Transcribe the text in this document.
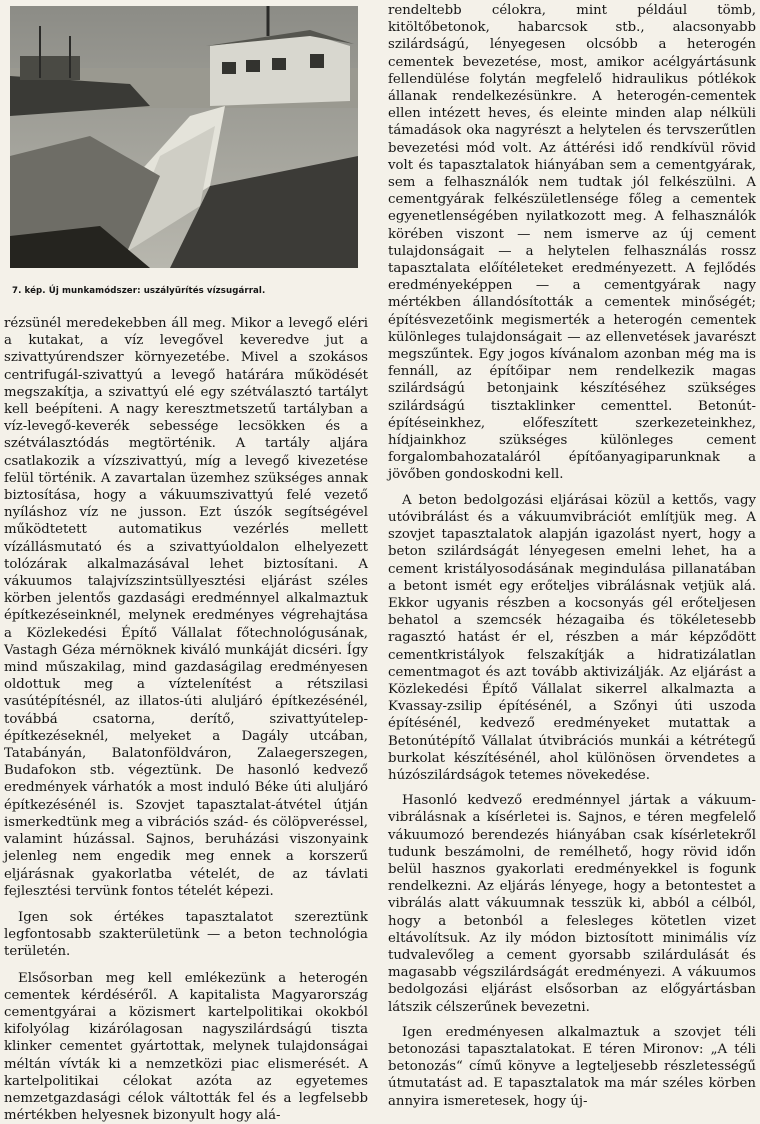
7. kép. Új munkamódszer: uszályürítés vízsugárral.

rézsünél meredekebben áll meg. Mikor a levegő eléri a kutakat, a víz levegővel keveredve jut a szivattyúrendszer környezetébe. Mivel a szokásos centrifugál-szivattyú a levegő határára működését megszakítja, a szivattyú elé egy szétválasztó tartályt kell beépíteni. A nagy keresztmetszetű tartályban a víz-levegő-keverék sebessége lecsökken és a szétválasztódás megtörténik. A tartály aljára csatlakozik a vízszivattyú, míg a levegő kivezetése felül történik. A zavartalan üzemhez szükséges annak biztosítása, hogy a vákuumszivattyú felé vezető nyíláshoz víz ne jusson. Ezt úszók segítségével működtetett automatikus vezérlés mellett vízállásmutató és a szivattyúoldalon elhelyezett tolózárak alkalmazásával lehet biztosítani. A vákuumos talajvízszintsüllyesztési eljárást széles körben jelentős gazdasági eredménnyel alkalmaztuk építkezéseinknél, melynek eredményes végrehajtása a Közlekedési Építő Vállalat főtechnológusának, Vastagh Géza mérnöknek kiváló munkáját dicséri. Így mind műszakilag, mind gazdaságilag eredményesen oldottuk meg a víztelenítést a rétszilasi vasútépítésnél, az illatos-úti aluljáró építkezésénél, továbbá csatorna, derítő, szivattyútelep-építkezéseknél, melyeket a Dagály utcában, Tatabányán, Balatonföldváron, Zalaegerszegen, Budafokon stb. végeztünk. De hasonló kedvező eredmények várhatók a most induló Béke úti aluljáró építkezésénél is. Szovjet tapasztalat-átvétel útján ismerkedtünk meg a vibrációs szád- és cölöpveréssel, valamint húzással. Sajnos, beruházási viszonyaink jelenleg nem engedik meg ennek a korszerű eljárásnak gyakorlatba vételét, de az távlati fejlesztési tervünk fontos tételét képezi.

Igen sok értékes tapasztalatot szereztünk legfontosabb szakterületünk — a beton technológia területén.

Elsősorban meg kell emlékezünk a heterogén cementek kérdéséről. A kapitalista Magyarország cementgyárai a közismert kartelpolitikai okokból kifolyólag kizárólagosan nagyszilárdságú tiszta klinker cementet gyártottak, melynek tulajdonságai méltán vívták ki a nemzetközi piac elismerését. A kartelpolitikai célokat azóta az egyetemes nemzetgazdasági célok váltották fel és a legfelsebb mértékben helyesnek bizonyult hogy alá-

rendeltebb célokra, mint például tömb, kitöltőbetonok, habarcsok stb., alacsonyabb szilárdságú, lényegesen olcsóbb a heterogén cementek bevezetése, most, amikor acélgyártásunk fellendülése folytán megfelelő hidraulikus pótlékok állanak rendelkezésünkre. A heterogén-cementek ellen intézett heves, és eleinte minden alap nélküli támadások oka nagyrészt a helytelen és tervszerűtlen bevezetési mód volt. Az áttérési idő rendkívül rövid volt és tapasztalatok hiányában sem a cementgyárak, sem a felhasználók nem tudtak jól felkészülni. A cementgyárak felkészületlensége főleg a cementek egyenetlenségében nyilatkozott meg. A felhasználók körében viszont — nem ismerve az új cement tulajdonságait — a helytelen felhasználás rossz tapasztalata előítéleteket eredményezett. A fejlődés eredményeképpen — a cementgyárak nagy mértékben állandósították a cementek minőségét; építésvezetőink megismerték a heterogén cementek különleges tulajdonságait — az ellenvetések javarészt megszűntek. Egy jogos kívánalom azonban még ma is fennáll, az építőipar nem rendelkezik magas szilárdságú betonjaink készítéséhez szükséges szilárdságú tisztaklinker cementtel. Betonút-építéseinkhez, előfeszített szerkezeteinkhez, hídjainkhoz szükséges különleges cement forgalombahozataláról építőanyagiparunknak a jövőben gondoskodni kell.

A beton bedolgozási eljárásai közül a kettős, vagy utóvibrálást és a vákuumvibrációt említjük meg. A szovjet tapasztalatok alapján igazolást nyert, hogy a beton szilárdságát lényegesen emelni lehet, ha a cement kristályosodásának megindulása pillanatában a betont ismét egy erőteljes vibrálásnak vetjük alá. Ekkor ugyanis részben a kocsonyás gél erőteljesen behatol a szemcsék hézagaiba és tökéletesebb ragasztó hatást ér el, részben a már képződött cementkristályok felszakítják a hidratizálatlan cementmagot és azt tovább aktivizálják. Az eljárást a Közlekedési Építő Vállalat sikerrel alkalmazta a Kvassay-zsilip építésénél, a Szőnyi úti uszoda építésénél, kedvező eredményeket mutattak a Betonútépítő Vállalat útvibrációs munkái a kétrétegű burkolat készítésénél, ahol különösen örvendetes a húzószilárdságok tetemes növekedése.

Hasonló kedvező eredménnyel jártak a vákuum-vibrálásnak a kísérletei is. Sajnos, e téren megfelelő vákuumozó berendezés hiányában csak kísérletekről tudunk beszámolni, de remélhető, hogy rövid időn belül hasznos gyakorlati eredményekkel is fogunk rendelkezni. Az eljárás lényege, hogy a betontestet a vibrálás alatt vákuumnak tesszük ki, abból a célból, hogy a betonból a felesleges kötetlen vizet eltávolítsuk. Az ily módon biztosított minimális víz tudvalevőleg a cement gyorsabb szilárdulását és magasabb végszilárdságát eredményezi. A vákuumos bedolgozási eljárást elsősorban az előgyártásban látszik célszerűnek bevezetni.

Igen eredményesen alkalmaztuk a szovjet téli betonozási tapasztalatokat. E téren Mironov: „A téli betonozás“ című könyve a legteljesebb részletességű útmutatást ad. E tapasztalatok ma már széles körben annyira ismeretesek, hogy új-
